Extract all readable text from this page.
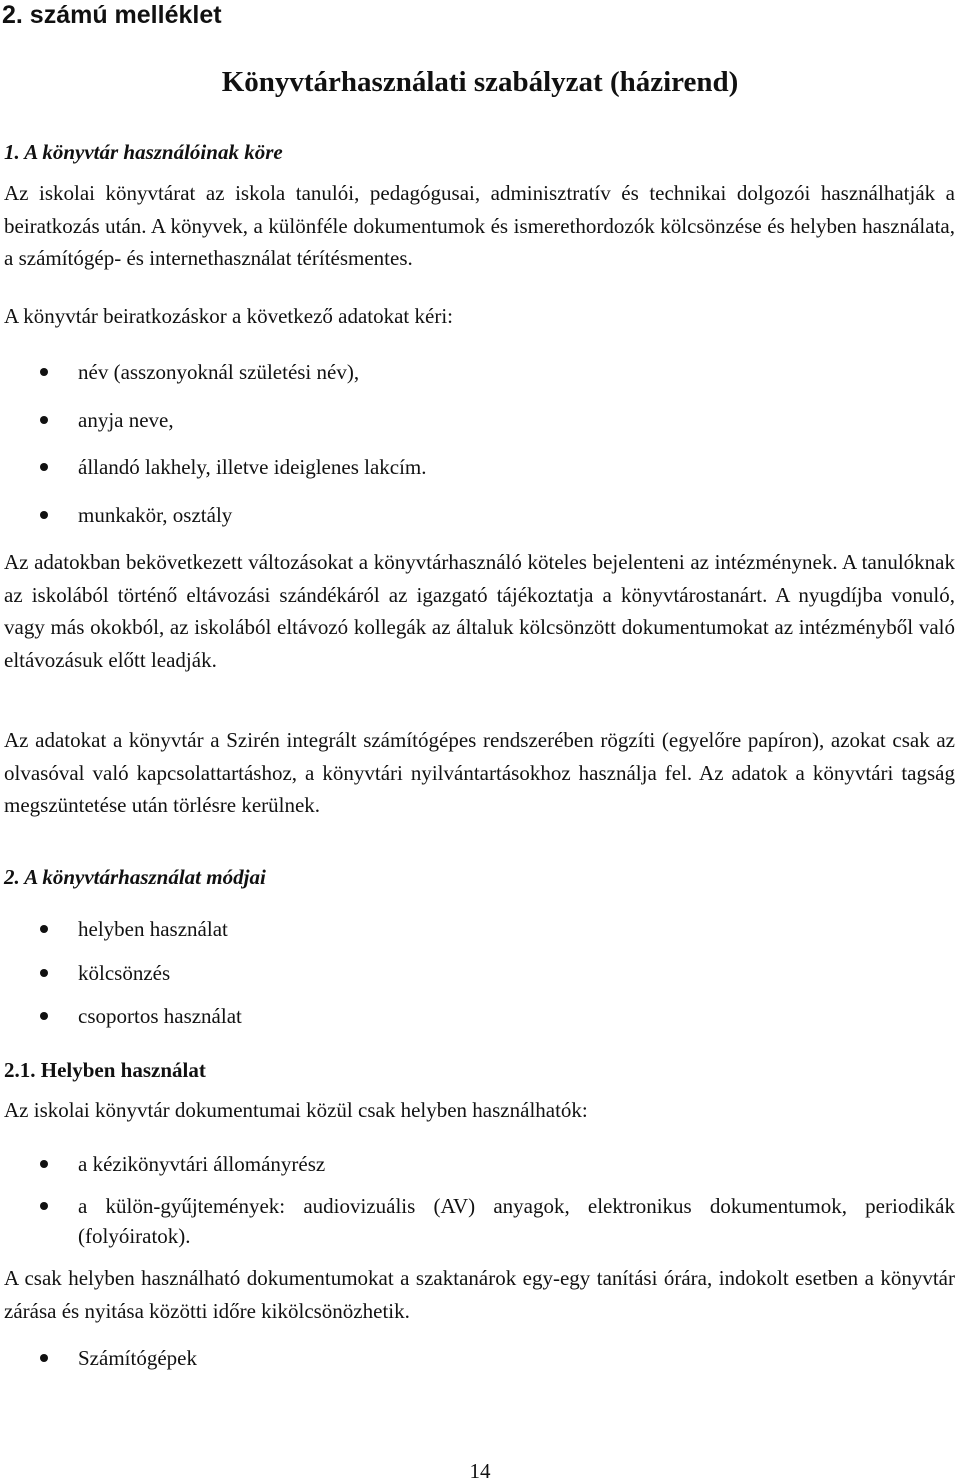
2. számú melléklet
Könyvtárhasználati szabályzat (házirend)
1. A könyvtár használóinak köre
Az iskolai könyvtárat az iskola tanulói, pedagógusai, adminisztratív és technikai dolgozói használhatják a beiratkozás után. A könyvek, a különféle dokumentumok és ismerethordozók kölcsönzése és helyben használata, a számítógép- és internethasználat térítésmentes.
A könyvtár beiratkozáskor a következő adatokat kéri:
név (asszonyoknál születési név),
anyja neve,
állandó lakhely, illetve ideiglenes lakcím.
munkakör, osztály
Az adatokban bekövetkezett változásokat a könyvtárhasználó köteles bejelenteni az intézménynek. A tanulóknak az iskolából történő eltávozási szándékáról az igazgató tájékoztatja a könyvtárostanárt. A nyugdíjba vonuló, vagy más okokból, az iskolából eltávozó kollegák az általuk kölcsönzött dokumentumokat az intézményből való eltávozásuk előtt leadják.
Az adatokat a könyvtár a Szirén integrált számítógépes rendszerében rögzíti (egyelőre papíron), azokat csak az olvasóval való kapcsolattartáshoz, a könyvtári nyilvántartásokhoz használja fel. Az adatok a könyvtári tagság megszüntetése után törlésre kerülnek.
2. A könyvtárhasználat módjai
helyben használat
kölcsönzés
csoportos használat
2.1. Helyben használat
Az iskolai könyvtár dokumentumai közül csak helyben használhatók:
a kézikönyvtári állományrész
a külön-gyűjtemények: audiovizuális (AV) anyagok, elektronikus dokumentumok, periodikák (folyóiratok).
A csak helyben használható dokumentumokat a szaktanárok egy-egy tanítási órára, indokolt esetben a könyvtár zárása és nyitása közötti időre kikölcsönözhetik.
Számítógépek
14
